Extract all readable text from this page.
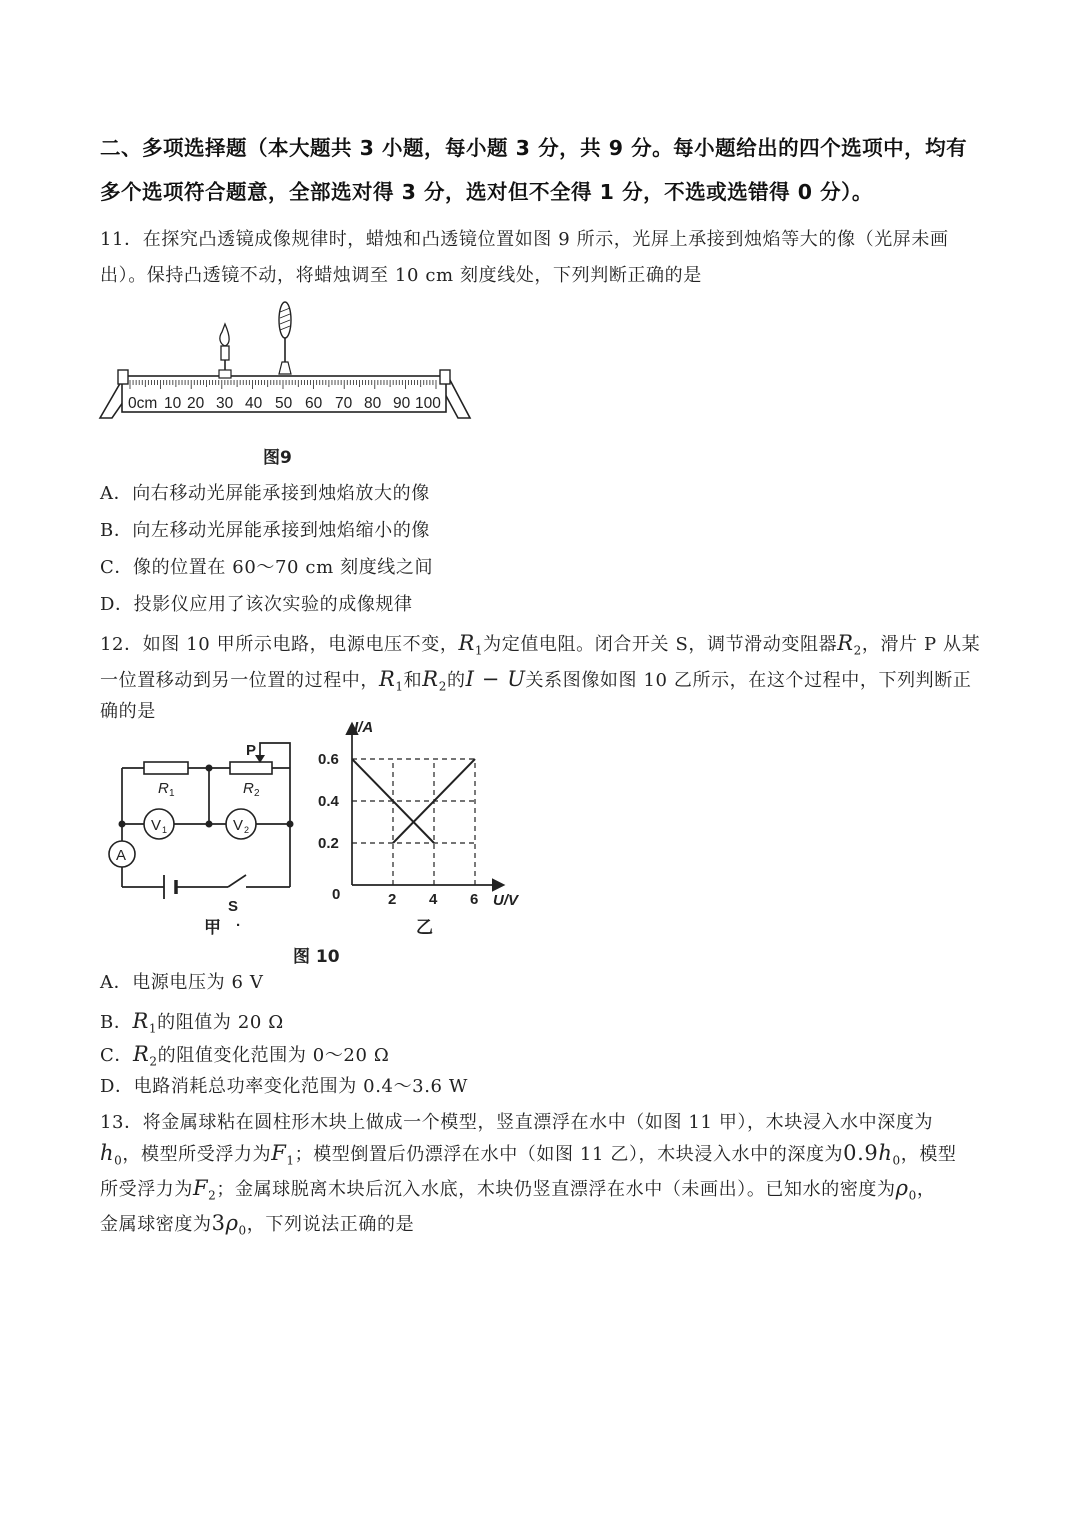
二、多项选择题（本大题共 3 小题，每小题 3 分，共 9 分。每小题给出的四个选项中，均有
多个选项符合题意，全部选对得 3 分，选对但不全得 1 分，不选或选错得 0 分）。
11．在探究凸透镜成像规律时，蜡烛和凸透镜位置如图 9 所示，光屏上承接到烛焰等大的像（光屏未画
出）。保持凸透镜不动，将蜡烛调至 10 cm 刻度线处，下列判断正确的是
0cm 10 20 30 40 50 60 70 80 90 100
图9
A．向右移动光屏能承接到烛焰放大的像
B．向左移动光屏能承接到烛焰缩小的像
C．像的位置在 60～70 cm 刻度线之间
D．投影仪应用了该次实验的成像规律
12．如图 10 甲所示电路，电源电压不变，$R_1$为定值电阻。闭合开关 S，调节滑动变阻器$R_2$，滑片 P 从某
一位置移动到另一位置的过程中，$R_1$和$R_2$的I − U关系图像如图 10 乙所示，在这个过程中，下列判断正
确的是
P
R 1	R 2
V 1	V 2
A
S
甲 ·
0.2
0.4
0.6
2 4 6
I/A
U/V
0
乙
图 10
A．电源电压为 6 V
B．$R_1$的阻值为 20 Ω
C．$R_2$的阻值变化范围为 0～20 Ω
D．电路消耗总功率变化范围为 0.4～3.6 W
13．将金属球粘在圆柱形木块上做成一个模型，竖直漂浮在水中（如图 11 甲），木块浸入水中深度为
$h_0$，模型所受浮力为$F_1$；模型倒置后仍漂浮在水中（如图 11 乙），木块浸入水中的深度为$0.9h_0$，模型
所受浮力为$F_2$；金属球脱离木块后沉入水底，木块仍竖直漂浮在水中（未画出）。已知水的密度为$\rho_0$，
金属球密度为$3\rho_0$，下列说法正确的是
